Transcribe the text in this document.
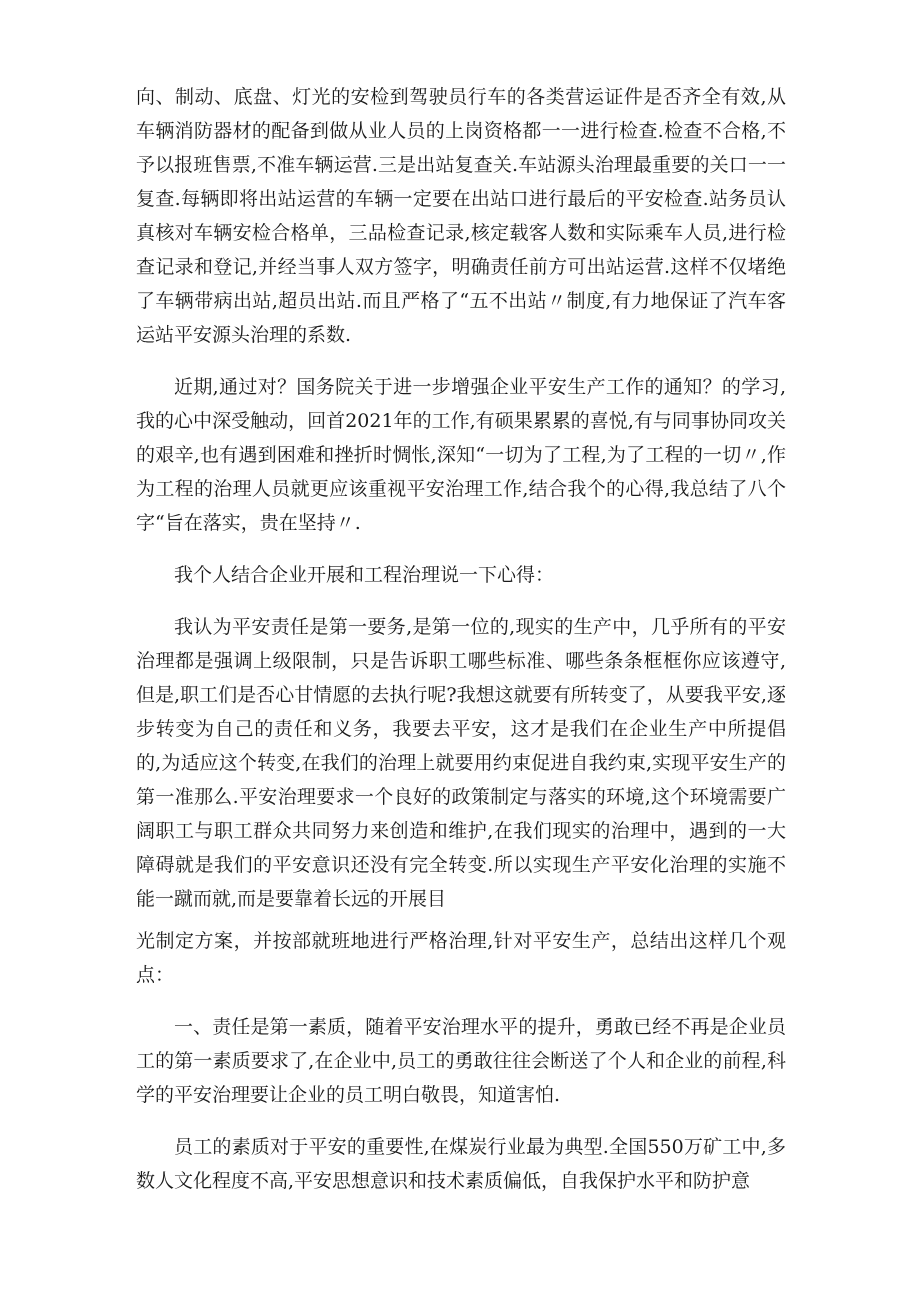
向、制动、底盘、灯光的安检到驾驶员行车的各类营运证件是否齐全有效,从车辆消防器材的配备到做从业人员的上岗资格都一一进行检查.检查不合格,不予以报班售票,不准车辆运营.三是出站复查关.车站源头治理最重要的关口一一复查.每辆即将出站运营的车辆一定要在出站口进行最后的平安检查.站务员认真核对车辆安检合格单，三品检查记录,核定载客人数和实际乘车人员,进行检查记录和登记,并经当事人双方签字，明确责任前方可出站运营.这样不仅堵绝了车辆带病出站,超员出站.而且严格了“五不出站〃制度,有力地保证了汽车客运站平安源头治理的系数.

近期,通过对？国务院关于进一步增强企业平安生产工作的通知？的学习,我的心中深受触动，回首2021年的工作,有硕果累累的喜悦,有与同事协同攻关的艰辛,也有遇到困难和挫折时惆怅,深知“一切为了工程,为了工程的一切〃,作为工程的治理人员就更应该重视平安治理工作,结合我个的心得,我总结了八个字“旨在落实，贵在坚持〃.

我个人结合企业开展和工程治理说一下心得：

我认为平安责任是第一要务,是第一位的,现实的生产中，几乎所有的平安治理都是强调上级限制，只是告诉职工哪些标准、哪些条条框框你应该遵守,但是,职工们是否心甘情愿的去执行呢?我想这就要有所转变了，从要我平安,逐步转变为自己的责任和义务，我要去平安，这才是我们在企业生产中所提倡的,为适应这个转变,在我们的治理上就要用约束促进自我约束,实现平安生产的第一准那么.平安治理要求一个良好的政策制定与落实的环境,这个环境需要广阔职工与职工群众共同努力来创造和维护,在我们现实的治理中，遇到的一大障碍就是我们的平安意识还没有完全转变.所以实现生产平安化治理的实施不能一蹴而就,而是要靠着长远的开展目

光制定方案，并按部就班地进行严格治理,针对平安生产，总结出这样几个观点：

一、责任是第一素质，随着平安治理水平的提升，勇敢已经不再是企业员工的第一素质要求了,在企业中,员工的勇敢往往会断送了个人和企业的前程,科学的平安治理要让企业的员工明白敬畏，知道害怕.

员工的素质对于平安的重要性,在煤炭行业最为典型.全国550万矿工中,多数人文化程度不高,平安思想意识和技术素质偏低，自我保护水平和防护意
